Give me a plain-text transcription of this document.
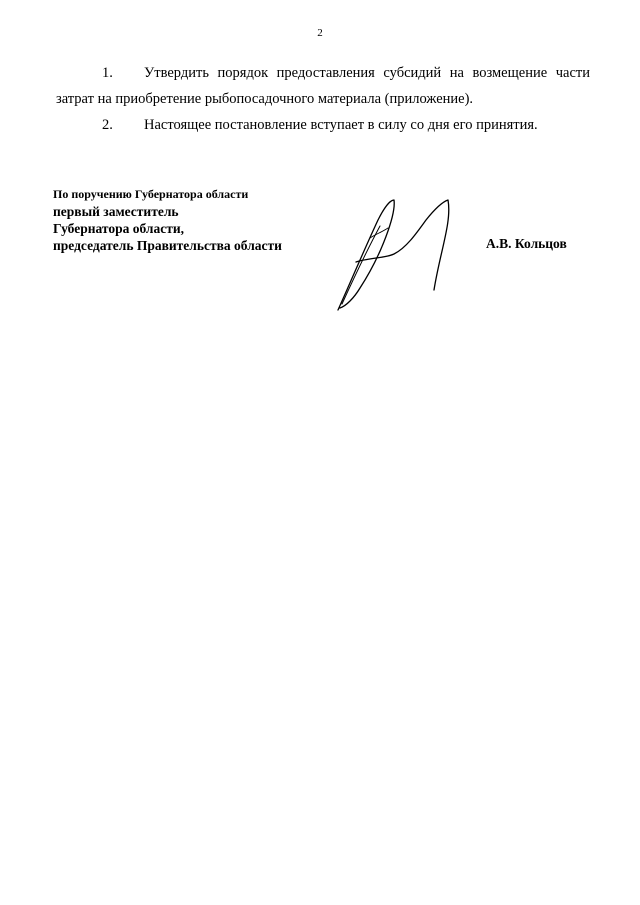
2

1. Утвердить порядок предоставления субсидий на возмещение части затрат на приобретение рыбопосадочного материала (приложение).

2. Настоящее постановление вступает в силу со дня его принятия.

По поручению Губернатора области
первый заместитель
Губернатора области,
председатель Правительства области	А.В. Кольцов
